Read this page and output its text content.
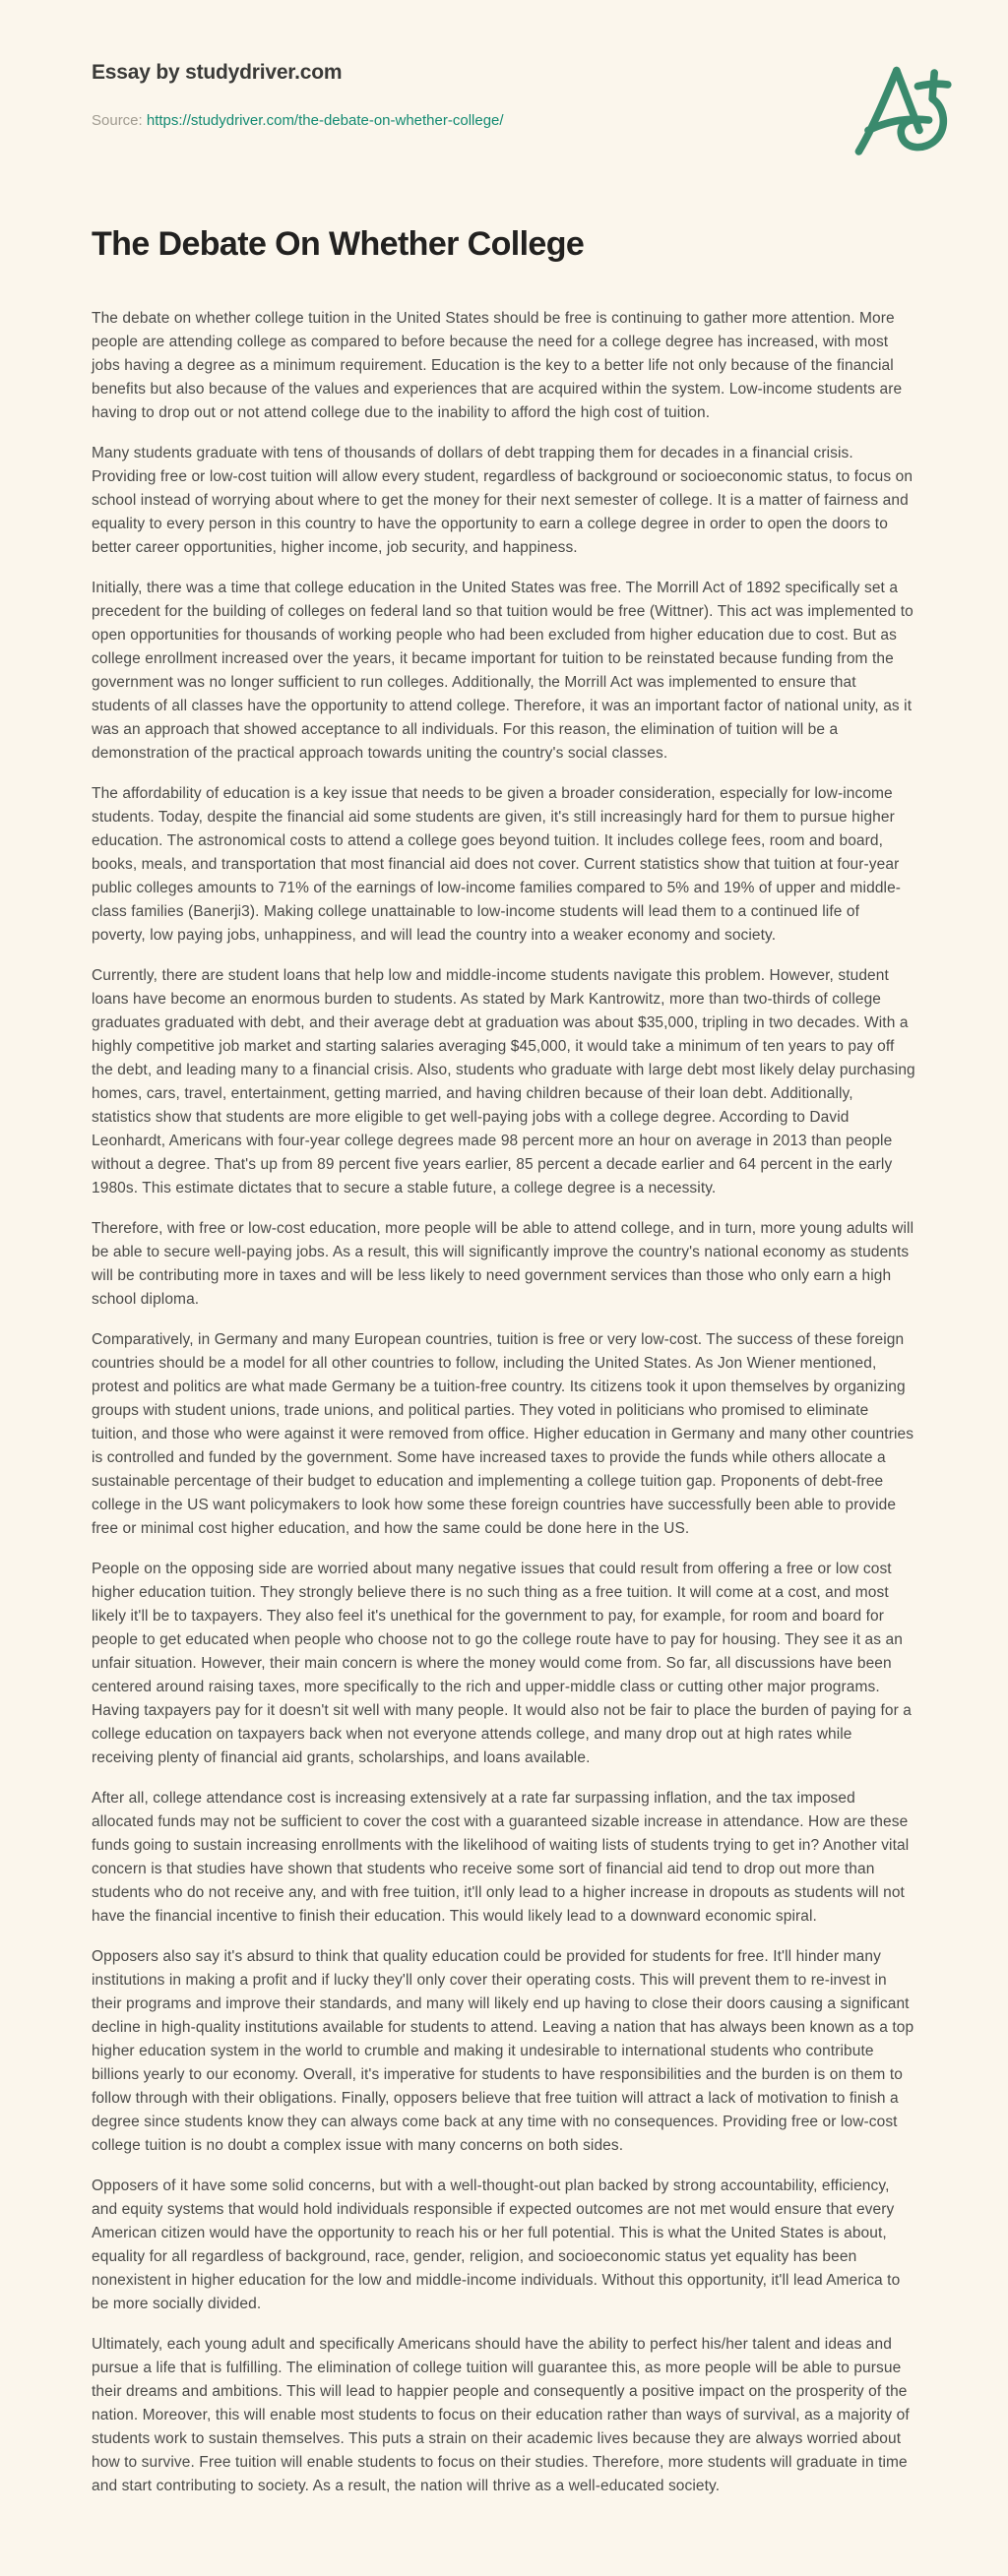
Essay by studydriver.com
Source: https://studydriver.com/the-debate-on-whether-college/
The Debate On Whether College

The debate on whether college tuition in the United States should be free is continuing to gather more attention. More people are attending college as compared to before because the need for a college degree has increased, with most jobs having a degree as a minimum requirement. Education is the key to a better life not only because of the financial benefits but also because of the values and experiences that are acquired within the system. Low-income students are having to drop out or not attend college due to the inability to afford the high cost of tuition.

Many students graduate with tens of thousands of dollars of debt trapping them for decades in a financial crisis. Providing free or low-cost tuition will allow every student, regardless of background or socioeconomic status, to focus on school instead of worrying about where to get the money for their next semester of college. It is a matter of fairness and equality to every person in this country to have the opportunity to earn a college degree in order to open the doors to better career opportunities, higher income, job security, and happiness.

Initially, there was a time that college education in the United States was free. The Morrill Act of 1892 specifically set a precedent for the building of colleges on federal land so that tuition would be free (Wittner). This act was implemented to open opportunities for thousands of working people who had been excluded from higher education due to cost. But as college enrollment increased over the years, it became important for tuition to be reinstated because funding from the government was no longer sufficient to run colleges. Additionally, the Morrill Act was implemented to ensure that students of all classes have the opportunity to attend college. Therefore, it was an important factor of national unity, as it was an approach that showed acceptance to all individuals. For this reason, the elimination of tuition will be a demonstration of the practical approach towards uniting the country's social classes.

The affordability of education is a key issue that needs to be given a broader consideration, especially for low-income students. Today, despite the financial aid some students are given, it's still increasingly hard for them to pursue higher education. The astronomical costs to attend a college goes beyond tuition. It includes college fees, room and board, books, meals, and transportation that most financial aid does not cover. Current statistics show that tuition at four-year public colleges amounts to 71% of the earnings of low-income families compared to 5% and 19% of upper and middle-class families (Banerji3). Making college unattainable to low-income students will lead them to a continued life of poverty, low paying jobs, unhappiness, and will lead the country into a weaker economy and society.

Currently, there are student loans that help low and middle-income students navigate this problem. However, student loans have become an enormous burden to students. As stated by Mark Kantrowitz, more than two-thirds of college graduates graduated with debt, and their average debt at graduation was about $35,000, tripling in two decades. With a highly competitive job market and starting salaries averaging $45,000, it would take a minimum of ten years to pay off the debt, and leading many to a financial crisis. Also, students who graduate with large debt most likely delay purchasing homes, cars, travel, entertainment, getting married, and having children because of their loan debt. Additionally, statistics show that students are more eligible to get well-paying jobs with a college degree. According to David Leonhardt, Americans with four-year college degrees made 98 percent more an hour on average in 2013 than people without a degree. That's up from 89 percent five years earlier, 85 percent a decade earlier and 64 percent in the early 1980s. This estimate dictates that to secure a stable future, a college degree is a necessity.

Therefore, with free or low-cost education, more people will be able to attend college, and in turn, more young adults will be able to secure well-paying jobs. As a result, this will significantly improve the country's national economy as students will be contributing more in taxes and will be less likely to need government services than those who only earn a high school diploma.

Comparatively, in Germany and many European countries, tuition is free or very low-cost. The success of these foreign countries should be a model for all other countries to follow, including the United States. As Jon Wiener mentioned, protest and politics are what made Germany be a tuition-free country. Its citizens took it upon themselves by organizing groups with student unions, trade unions, and political parties. They voted in politicians who promised to eliminate tuition, and those who were against it were removed from office. Higher education in Germany and many other countries is controlled and funded by the government. Some have increased taxes to provide the funds while others allocate a sustainable percentage of their budget to education and implementing a college tuition gap. Proponents of debt-free college in the US want policymakers to look how some these foreign countries have successfully been able to provide free or minimal cost higher education, and how the same could be done here in the US.

People on the opposing side are worried about many negative issues that could result from offering a free or low cost higher education tuition. They strongly believe there is no such thing as a free tuition. It will come at a cost, and most likely it'll be to taxpayers. They also feel it's unethical for the government to pay, for example, for room and board for people to get educated when people who choose not to go the college route have to pay for housing. They see it as an unfair situation. However, their main concern is where the money would come from. So far, all discussions have been centered around raising taxes, more specifically to the rich and upper-middle class or cutting other major programs. Having taxpayers pay for it doesn't sit well with many people. It would also not be fair to place the burden of paying for a college education on taxpayers back when not everyone attends college, and many drop out at high rates while receiving plenty of financial aid grants, scholarships, and loans available.

After all, college attendance cost is increasing extensively at a rate far surpassing inflation, and the tax imposed allocated funds may not be sufficient to cover the cost with a guaranteed sizable increase in attendance. How are these funds going to sustain increasing enrollments with the likelihood of waiting lists of students trying to get in? Another vital concern is that studies have shown that students who receive some sort of financial aid tend to drop out more than students who do not receive any, and with free tuition, it'll only lead to a higher increase in dropouts as students will not have the financial incentive to finish their education. This would likely lead to a downward economic spiral.

Opposers also say it's absurd to think that quality education could be provided for students for free. It'll hinder many institutions in making a profit and if lucky they'll only cover their operating costs. This will prevent them to re-invest in their programs and improve their standards, and many will likely end up having to close their doors causing a significant decline in high-quality institutions available for students to attend. Leaving a nation that has always been known as a top higher education system in the world to crumble and making it undesirable to international students who contribute billions yearly to our economy. Overall, it's imperative for students to have responsibilities and the burden is on them to follow through with their obligations. Finally, opposers believe that free tuition will attract a lack of motivation to finish a degree since students know they can always come back at any time with no consequences. Providing free or low-cost college tuition is no doubt a complex issue with many concerns on both sides.

Opposers of it have some solid concerns, but with a well-thought-out plan backed by strong accountability, efficiency, and equity systems that would hold individuals responsible if expected outcomes are not met would ensure that every American citizen would have the opportunity to reach his or her full potential. This is what the United States is about, equality for all regardless of background, race, gender, religion, and socioeconomic status yet equality has been nonexistent in higher education for the low and middle-income individuals. Without this opportunity, it'll lead America to be more socially divided.

Ultimately, each young adult and specifically Americans should have the ability to perfect his/her talent and ideas and pursue a life that is fulfilling. The elimination of college tuition will guarantee this, as more people will be able to pursue their dreams and ambitions. This will lead to happier people and consequently a positive impact on the prosperity of the nation. Moreover, this will enable most students to focus on their education rather than ways of survival, as a majority of students work to sustain themselves. This puts a strain on their academic lives because they are always worried about how to survive. Free tuition will enable students to focus on their studies. Therefore, more students will graduate in time and start contributing to society. As a result, the nation will thrive as a well-educated society.
